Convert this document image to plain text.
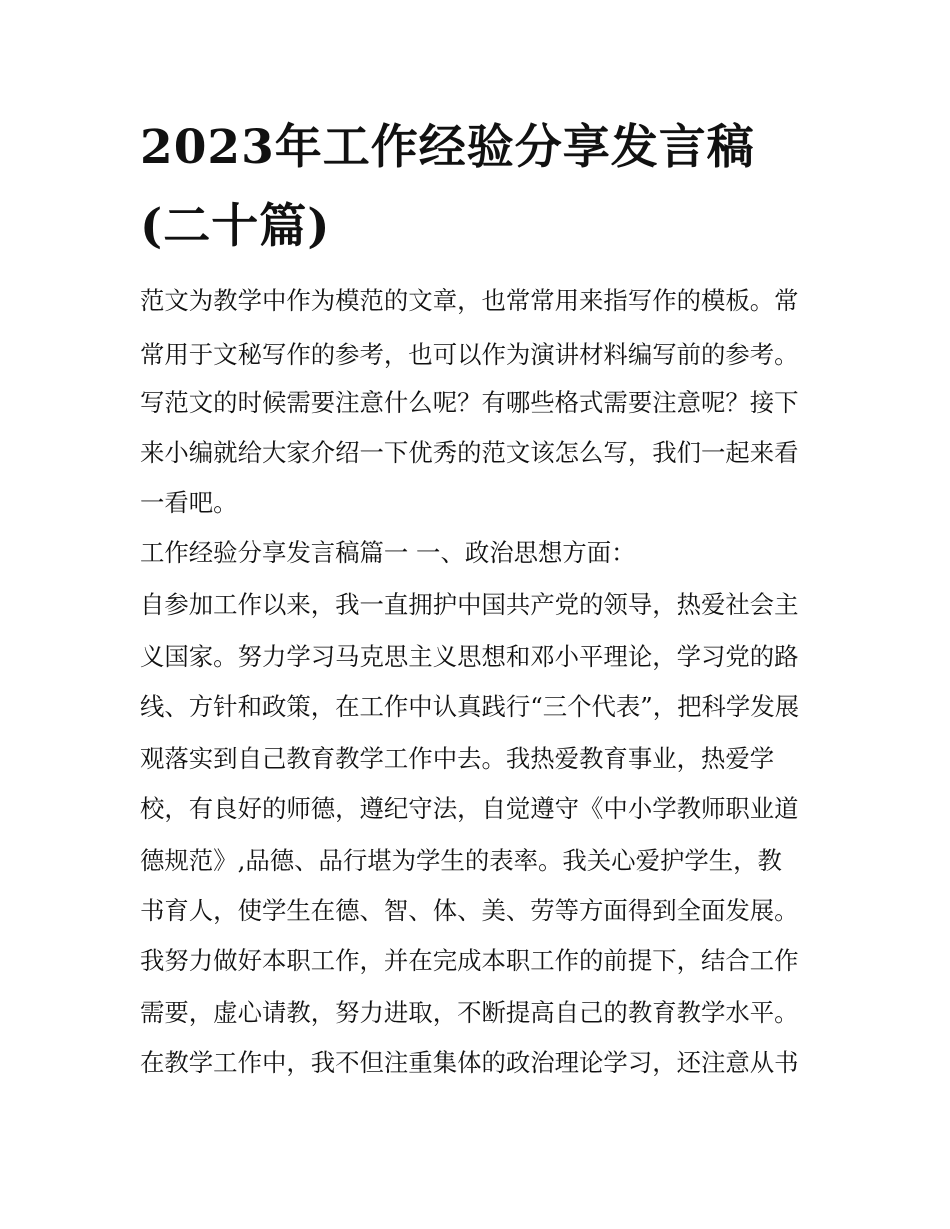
2023年工作经验分享发言稿
(二十篇)
范文为教学中作为模范的文章，也常常用来指写作的模板。常
常用于文秘写作的参考，也可以作为演讲材料编写前的参考。
写范文的时候需要注意什么呢？有哪些格式需要注意呢？接下
来小编就给大家介绍一下优秀的范文该怎么写，我们一起来看
一看吧。
工作经验分享发言稿篇一 一、政治思想方面：
自参加工作以来，我一直拥护中国共产党的领导，热爱社会主
义国家。努力学习马克思主义思想和邓小平理论，学习党的路
线、方针和政策，在工作中认真践行“三个代表”，把科学发展
观落实到自己教育教学工作中去。我热爱教育事业，热爱学
校，有良好的师德，遵纪守法，自觉遵守《中小学教师职业道
德规范》,品德、品行堪为学生的表率。我关心爱护学生，教
书育人，使学生在德、智、体、美、劳等方面得到全面发展。
我努力做好本职工作，并在完成本职工作的前提下，结合工作
需要，虚心请教，努力进取，不断提高自己的教育教学水平。
在教学工作中，我不但注重集体的政治理论学习，还注意从书
